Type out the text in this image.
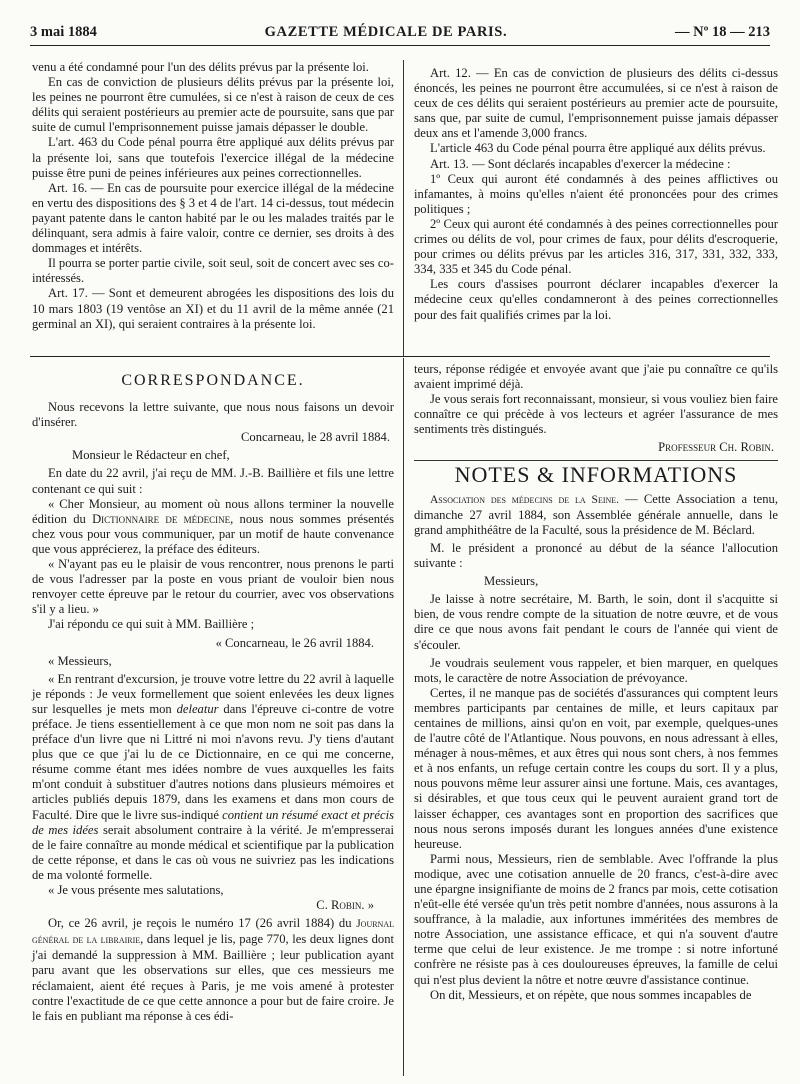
3 mai 1884	GAZETTE MÉDICALE DE PARIS.	— Nº 18 — 213

venu a été condamné pour l'un des délits prévus par la présente loi.

En cas de conviction de plusieurs délits prévus par la présente loi, les peines ne pourront être cumulées, si ce n'est à raison de ceux de ces délits qui seraient postérieurs au premier acte de poursuite, sans que par suite de cumul l'emprisonnement puisse jamais dépasser le double.

L'art. 463 du Code pénal pourra être appliqué aux délits prévus par la présente loi, sans que toutefois l'exercice illégal de la médecine puisse être puni de peines inférieures aux peines correctionnelles.

Art. 16. — En cas de poursuite pour exercice illégal de la médecine en vertu des dispositions des § 3 et 4 de l'art. 14 ci-dessus, tout médecin payant patente dans le canton habité par le ou les malades traités par le délinquant, sera admis à faire valoir, contre ce dernier, ses droits à des dommages et intérêts.

Il pourra se porter partie civile, soit seul, soit de concert avec ses co-intéressés.

Art. 17. — Sont et demeurent abrogées les dispositions des lois du 10 mars 1803 (19 ventôse an XI) et du 11 avril de la même année (21 germinal an XI), qui seraient contraires à la présente loi.

Art. 12. — En cas de conviction de plusieurs des délits ci-dessus énoncés, les peines ne pourront être accumulées, si ce n'est à raison de ceux de ces délits qui seraient postérieurs au premier acte de poursuite, sans que, par suite de cumul, l'emprisonnement puisse jamais dépasser deux ans et l'amende 3,000 francs.

L'article 463 du Code pénal pourra être appliqué aux délits prévus.

Art. 13. — Sont déclarés incapables d'exercer la médecine :

1º Ceux qui auront été condamnés à des peines afflictives ou infamantes, à moins qu'elles n'aient été prononcées pour des crimes politiques ;

2º Ceux qui auront été condamnés à des peines correctionnelles pour crimes ou délits de vol, pour crimes de faux, pour délits d'escroquerie, pour crimes ou délits prévus par les articles 316, 317, 331, 332, 333, 334, 335 et 345 du Code pénal.

Les cours d'assises pourront déclarer incapables d'exercer la médecine ceux qu'elles condamneront à des peines correctionnelles pour des fait qualifiés crimes par la loi.

CORRESPONDANCE.

Nous recevons la lettre suivante, que nous nous faisons un devoir d'insérer.

Concarneau, le 28 avril 1884.

Monsieur le Rédacteur en chef,

En date du 22 avril, j'ai reçu de MM. J.-B. Baillière et fils une lettre contenant ce qui suit :

« Cher Monsieur, au moment où nous allons terminer la nouvelle édition du Dictionnaire de médecine, nous nous sommes présentés chez vous pour vous communiquer, par un motif de haute convenance que vous apprécierez, la préface des éditeurs.

« N'ayant pas eu le plaisir de vous rencontrer, nous prenons le parti de vous l'adresser par la poste en vous priant de vouloir bien nous renvoyer cette épreuve par le retour du courrier, avec vos observations s'il y a lieu. »

J'ai répondu ce qui suit à MM. Baillière ;

« Concarneau, le 26 avril 1884.

« Messieurs,

« En rentrant d'excursion, je trouve votre lettre du 22 avril à laquelle je réponds : Je veux formellement que soient enlevées les deux lignes sur lesquelles je mets mon deleatur dans l'épreuve ci-contre de votre préface. Je tiens essentiellement à ce que mon nom ne soit pas dans la préface d'un livre que ni Littré ni moi n'avons revu. J'y tiens d'autant plus que ce que j'ai lu de ce Dictionnaire, en ce qui me concerne, résume comme étant mes idées nombre de vues auxquelles les faits m'ont conduit à substituer d'autres notions dans plusieurs mémoires et articles publiés depuis 1879, dans les examens et dans mon cours de Faculté. Dire que le livre sus-indiqué contient un résumé exact et précis de mes idées serait absolument contraire à la vérité. Je m'empresserai de le faire connaître au monde médical et scientifique par la publication de cette réponse, et dans le cas où vous ne suivriez pas les indications de ma volonté formelle.

« Je vous présente mes salutations,

C. Robin. »

Or, ce 26 avril, je reçois le numéro 17 (26 avril 1884) du Journal général de la librairie, dans lequel je lis, page 770, les deux lignes dont j'ai demandé la suppression à MM. Baillière ; leur publication ayant paru avant que les observations sur elles, que ces messieurs me réclamaient, aient été reçues à Paris, je me vois amené à protester contre l'exactitude de ce que cette annonce a pour but de faire croire. Je le fais en publiant ma réponse à ces édi-

teurs, réponse rédigée et envoyée avant que j'aie pu connaître ce qu'ils avaient imprimé déjà.

Je vous serais fort reconnaissant, monsieur, si vous vouliez bien faire connaître ce qui précède à vos lecteurs et agréer l'assurance de mes sentiments très distingués.

Professeur Ch. Robin.

NOTES & INFORMATIONS

Association des médecins de la Seine. — Cette Association a tenu, dimanche 27 avril 1884, son Assemblée générale annuelle, dans le grand amphithéâtre de la Faculté, sous la présidence de M. Béclard.

M. le président a prononcé au début de la séance l'allocution suivante :

Messieurs,

Je laisse à notre secrétaire, M. Barth, le soin, dont il s'acquitte si bien, de vous rendre compte de la situation de notre œuvre, et de vous dire ce que nous avons fait pendant le cours de l'année qui vient de s'écouler.

Je voudrais seulement vous rappeler, et bien marquer, en quelques mots, le caractère de notre Association de prévoyance.

Certes, il ne manque pas de sociétés d'assurances qui comptent leurs membres participants par centaines de mille, et leurs capitaux par centaines de millions, ainsi qu'on en voit, par exemple, quelques-unes de l'autre côté de l'Atlantique. Nous pouvons, en nous adressant à elles, ménager à nous-mêmes, et aux êtres qui nous sont chers, à nos femmes et à nos enfants, un refuge certain contre les coups du sort. Il y a plus, nous pouvons même leur assurer ainsi une fortune. Mais, ces avantages, si désirables, et que tous ceux qui le peuvent auraient grand tort de laisser échapper, ces avantages sont en proportion des sacrifices que nous nous serons imposés durant les longues années d'une existence heureuse.

Parmi nous, Messieurs, rien de semblable. Avec l'offrande la plus modique, avec une cotisation annuelle de 20 francs, c'est-à-dire avec une épargne insignifiante de moins de 2 francs par mois, cette cotisation n'eût-elle été versée qu'un très petit nombre d'années, nous assurons à la souffrance, à la maladie, aux infortunes imméritées des membres de notre Association, une assistance efficace, et qui n'a souvent d'autre terme que celui de leur existence. Je me trompe : si notre infortuné confrère ne résiste pas à ces douloureuses épreuves, la famille de celui qui n'est plus devient la nôtre et notre œuvre d'assistance continue.

On dit, Messieurs, et on répète, que nous sommes incapables de
